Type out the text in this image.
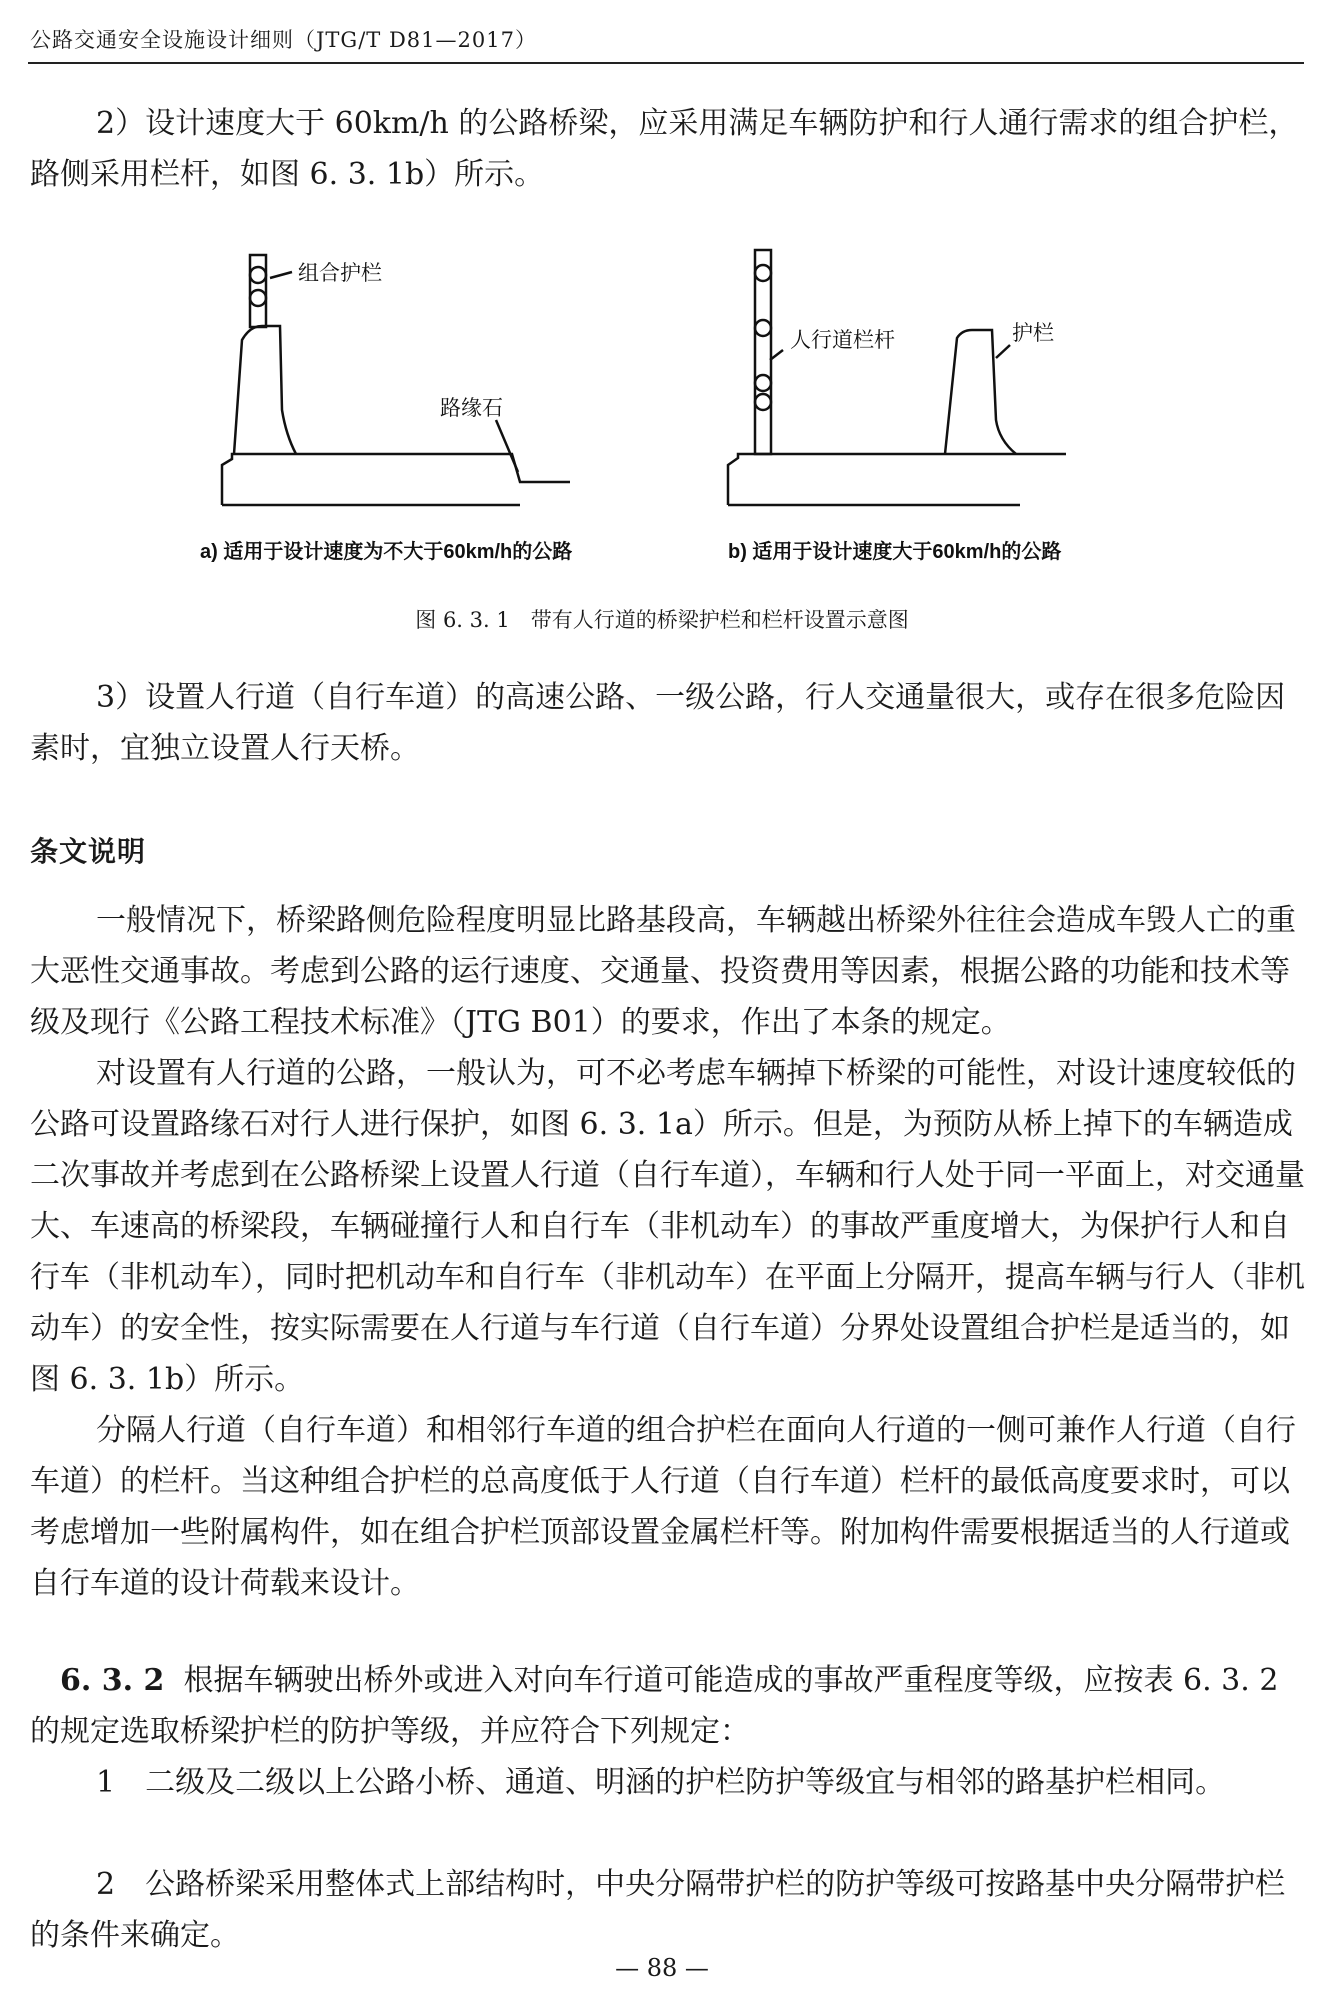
公路交通安全设施设计细则（JTG/T D81—2017）

2）设计速度大于 60km/h 的公路桥梁，应采用满足车辆防护和行人通行需求的组合护栏，路侧采用栏杆，如图 6. 3. 1b）所示。

组合护栏
路缘石
人行道栏杆	护栏
a) 适用于设计速度为不大于60km/h的公路	b) 适用于设计速度大于60km/h的公路
图 6. 3. 1　带有人行道的桥梁护栏和栏杆设置示意图

3）设置人行道（自行车道）的高速公路、一级公路，行人交通量很大，或存在很多危险因素时，宜独立设置人行天桥。

条文说明

一般情况下，桥梁路侧危险程度明显比路基段高，车辆越出桥梁外往往会造成车毁人亡的重大恶性交通事故。考虑到公路的运行速度、交通量、投资费用等因素，根据公路的功能和技术等级及现行《公路工程技术标准》（JTG B01）的要求，作出了本条的规定。

对设置有人行道的公路，一般认为，可不必考虑车辆掉下桥梁的可能性，对设计速度较低的公路可设置路缘石对行人进行保护，如图 6. 3. 1a）所示。但是，为预防从桥上掉下的车辆造成二次事故并考虑到在公路桥梁上设置人行道（自行车道），车辆和行人处于同一平面上，对交通量大、车速高的桥梁段，车辆碰撞行人和自行车（非机动车）的事故严重度增大，为保护行人和自行车（非机动车），同时把机动车和自行车（非机动车）在平面上分隔开，提高车辆与行人（非机动车）的安全性，按实际需要在人行道与车行道（自行车道）分界处设置组合护栏是适当的，如图 6. 3. 1b）所示。

分隔人行道（自行车道）和相邻行车道的组合护栏在面向人行道的一侧可兼作人行道（自行车道）的栏杆。当这种组合护栏的总高度低于人行道（自行车道）栏杆的最低高度要求时，可以考虑增加一些附属构件，如在组合护栏顶部设置金属栏杆等。附加构件需要根据适当的人行道或自行车道的设计荷载来设计。

6. 3. 2 根据车辆驶出桥外或进入对向车行道可能造成的事故严重程度等级，应按表 6. 3. 2 的规定选取桥梁护栏的防护等级，并应符合下列规定：

1　二级及二级以上公路小桥、通道、明涵的护栏防护等级宜与相邻的路基护栏相同。

2　公路桥梁采用整体式上部结构时，中央分隔带护栏的防护等级可按路基中央分隔带护栏的条件来确定。

— 88 —
